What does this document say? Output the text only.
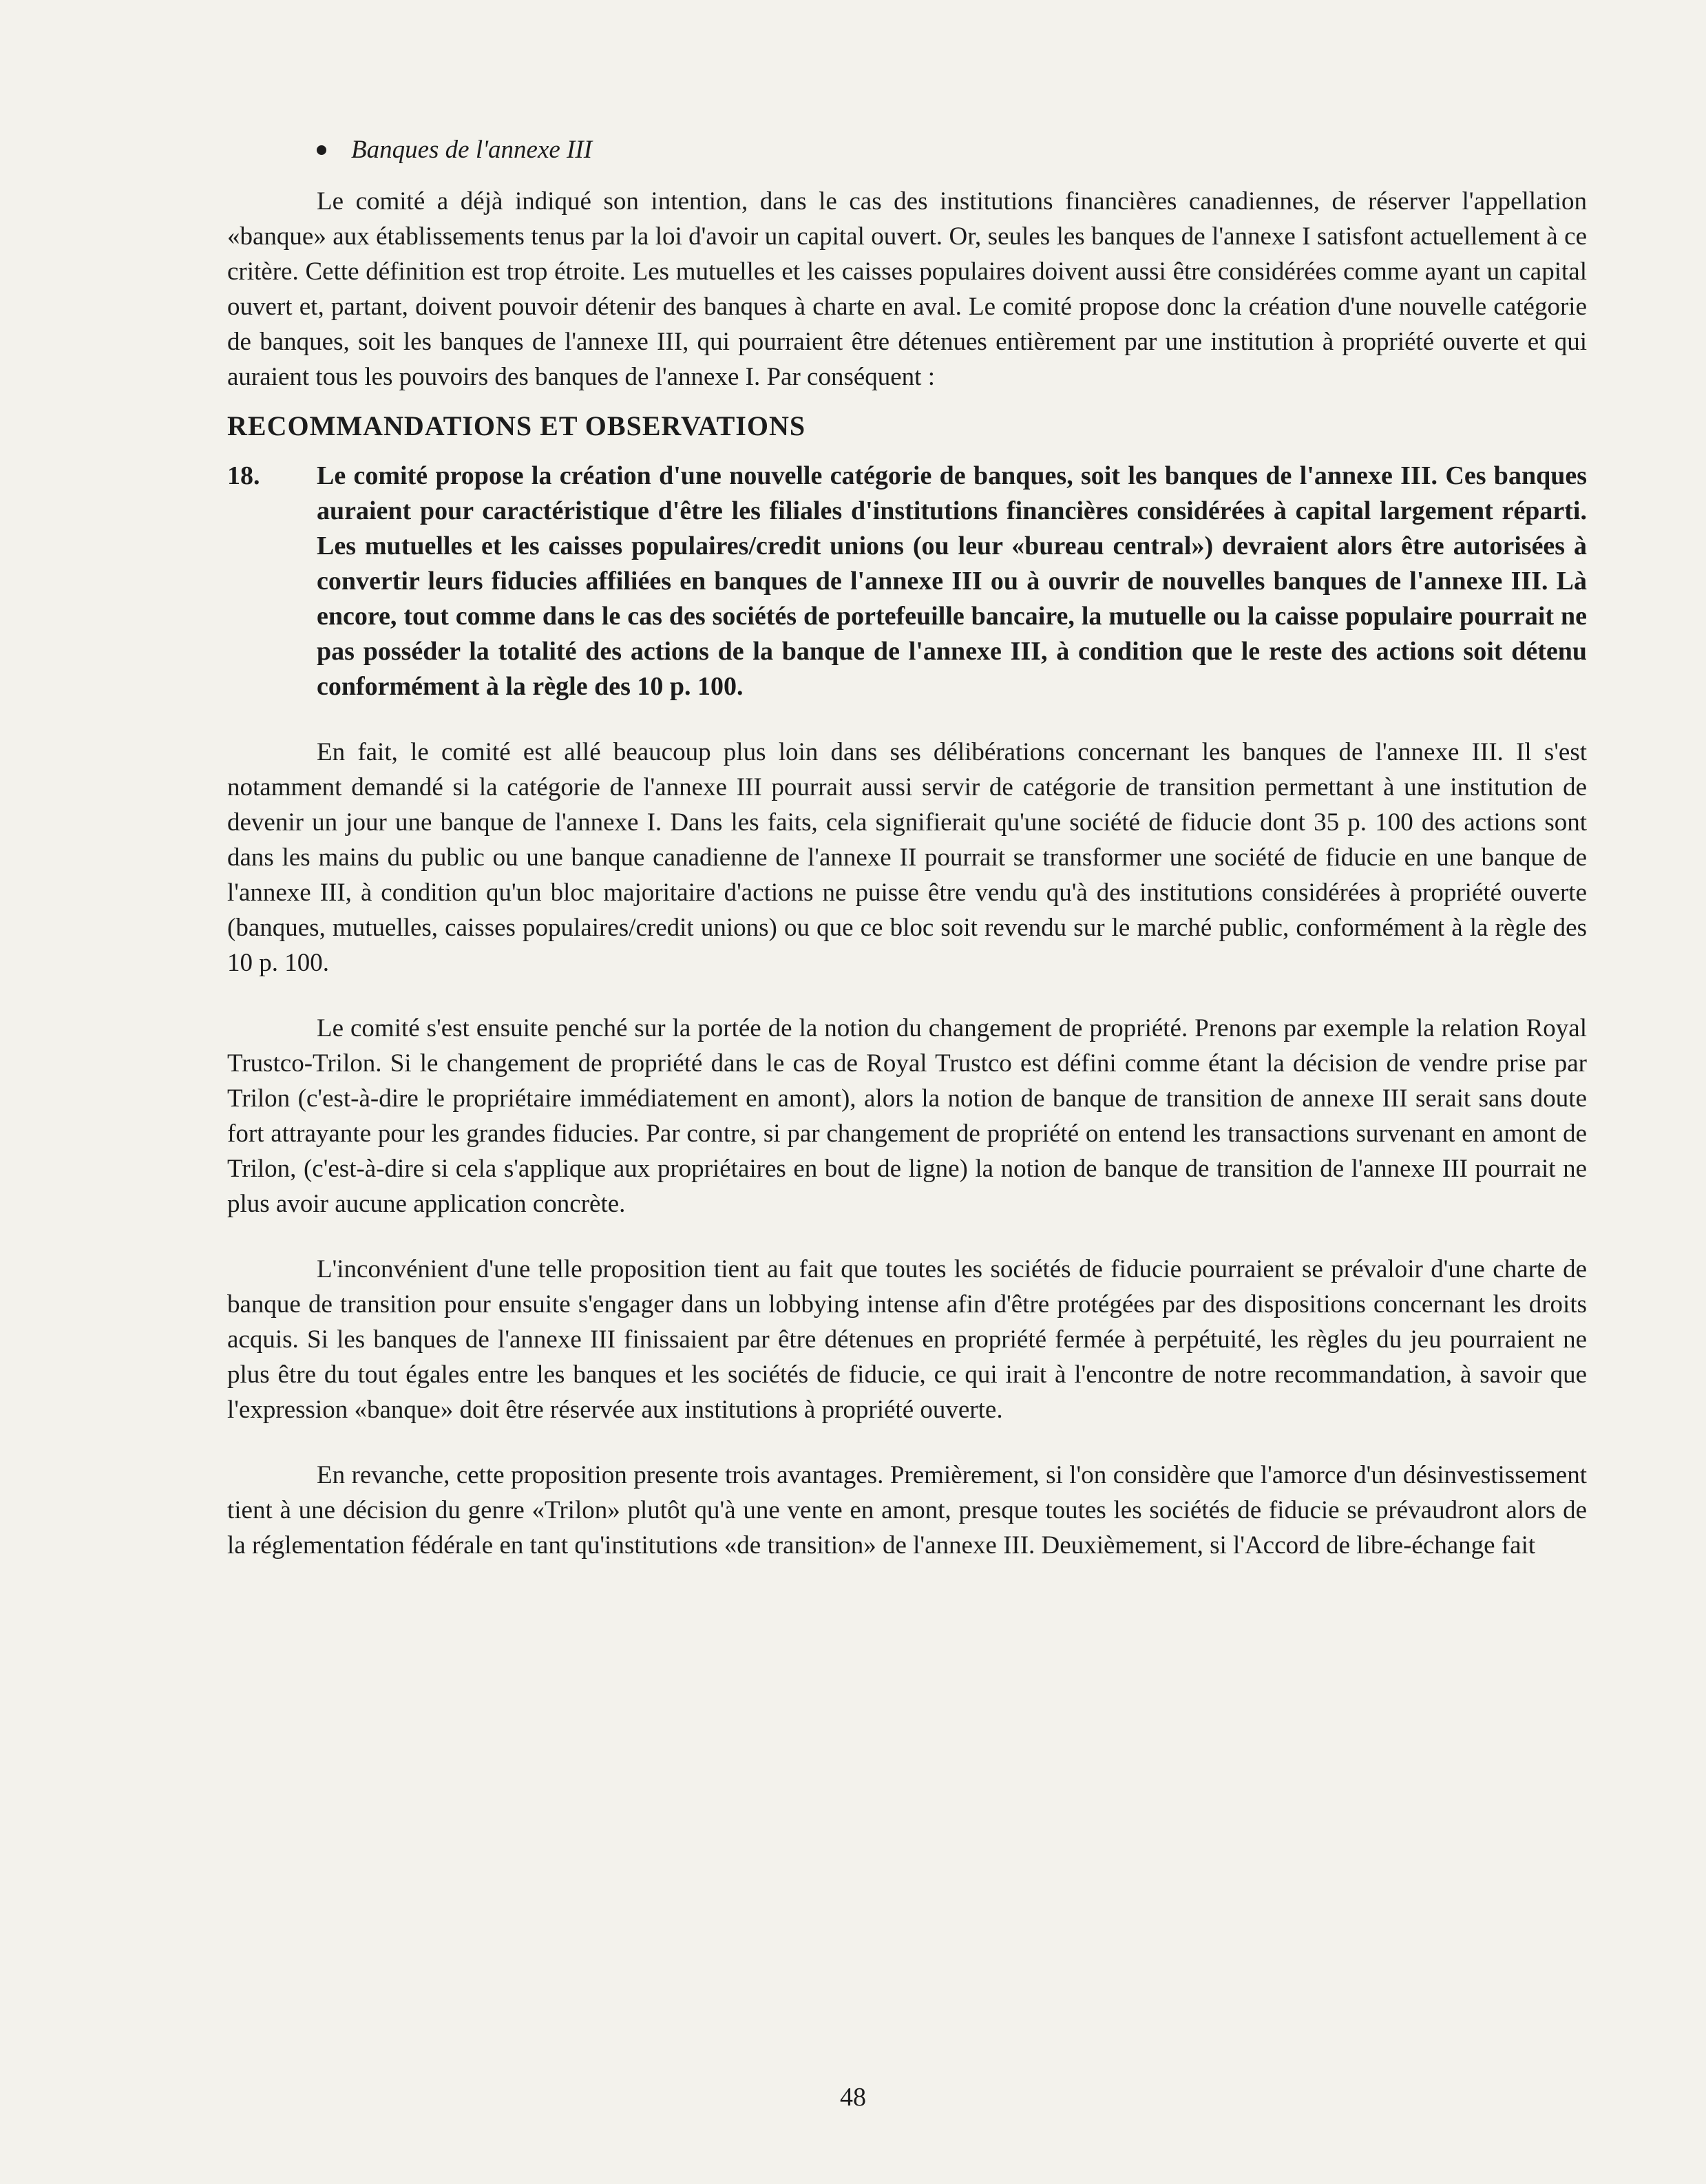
Banques de l'annexe III

Le comité a déjà indiqué son intention, dans le cas des institutions financières canadiennes, de réserver l'appellation «banque» aux établissements tenus par la loi d'avoir un capital ouvert. Or, seules les banques de l'annexe I satisfont actuellement à ce critère. Cette définition est trop étroite. Les mutuelles et les caisses populaires doivent aussi être considérées comme ayant un capital ouvert et, partant, doivent pouvoir détenir des banques à charte en aval. Le comité propose donc la création d'une nouvelle catégorie de banques, soit les banques de l'annexe III, qui pourraient être détenues entièrement par une institution à propriété ouverte et qui auraient tous les pouvoirs des banques de l'annexe I. Par conséquent :

RECOMMANDATIONS ET OBSERVATIONS
18.	Le comité propose la création d'une nouvelle catégorie de banques, soit les banques de l'annexe III. Ces banques auraient pour caractéristique d'être les filiales d'institutions financières considérées à capital largement réparti. Les mutuelles et les caisses populaires/credit unions (ou leur «bureau central») devraient alors être autorisées à convertir leurs fiducies affiliées en banques de l'annexe III ou à ouvrir de nouvelles banques de l'annexe III. Là encore, tout comme dans le cas des sociétés de portefeuille bancaire, la mutuelle ou la caisse populaire pourrait ne pas posséder la totalité des actions de la banque de l'annexe III, à condition que le reste des actions soit détenu conformément à la règle des 10 p. 100.

En fait, le comité est allé beaucoup plus loin dans ses délibérations concernant les banques de l'annexe III. Il s'est notamment demandé si la catégorie de l'annexe III pourrait aussi servir de catégorie de transition permettant à une institution de devenir un jour une banque de l'annexe I. Dans les faits, cela signifierait qu'une société de fiducie dont 35 p. 100 des actions sont dans les mains du public ou une banque canadienne de l'annexe II pourrait se transformer une société de fiducie en une banque de l'annexe III, à condition qu'un bloc majoritaire d'actions ne puisse être vendu qu'à des institutions considérées à propriété ouverte (banques, mutuelles, caisses populaires/credit unions) ou que ce bloc soit revendu sur le marché public, conformément à la règle des 10 p. 100.

Le comité s'est ensuite penché sur la portée de la notion du changement de propriété. Prenons par exemple la relation Royal Trustco-Trilon. Si le changement de propriété dans le cas de Royal Trustco est défini comme étant la décision de vendre prise par Trilon (c'est-à-dire le propriétaire immédiatement en amont), alors la notion de banque de transition de annexe III serait sans doute fort attrayante pour les grandes fiducies. Par contre, si par changement de propriété on entend les transactions survenant en amont de Trilon, (c'est-à-dire si cela s'applique aux propriétaires en bout de ligne) la notion de banque de transition de l'annexe III pourrait ne plus avoir aucune application concrète.

L'inconvénient d'une telle proposition tient au fait que toutes les sociétés de fiducie pourraient se prévaloir d'une charte de banque de transition pour ensuite s'engager dans un lobbying intense afin d'être protégées par des dispositions concernant les droits acquis. Si les banques de l'annexe III finissaient par être détenues en propriété fermée à perpétuité, les règles du jeu pourraient ne plus être du tout égales entre les banques et les sociétés de fiducie, ce qui irait à l'encontre de notre recommandation, à savoir que l'expression «banque» doit être réservée aux institutions à propriété ouverte.

En revanche, cette proposition presente trois avantages. Premièrement, si l'on considère que l'amorce d'un désinvestissement tient à une décision du genre «Trilon» plutôt qu'à une vente en amont, presque toutes les sociétés de fiducie se prévaudront alors de la réglementation fédérale en tant qu'institutions «de transition» de l'annexe III. Deuxièmement, si l'Accord de libre-échange fait

48
